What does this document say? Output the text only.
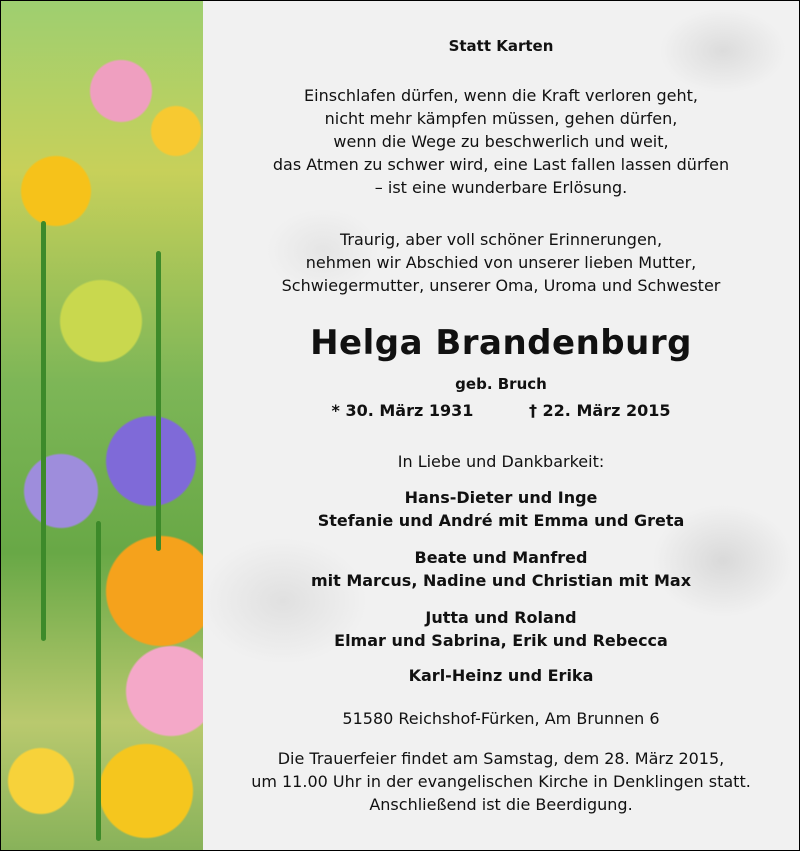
Statt Karten
Einschlafen dürfen, wenn die Kraft verloren geht,
nicht mehr kämpfen müssen, gehen dürfen,
wenn die Wege zu beschwerlich und weit,
das Atmen zu schwer wird, eine Last fallen lassen dürfen
– ist eine wunderbare Erlösung.
Traurig, aber voll schöner Erinnerungen,
nehmen wir Abschied von unserer lieben Mutter,
Schwiegermutter, unserer Oma, Uroma und Schwester
Helga Brandenburg
geb. Bruch
* 30. März 1931	† 22. März 2015
In Liebe und Dankbarkeit:
Hans-Dieter und Inge
Stefanie und André mit Emma und Greta
Beate und Manfred
mit Marcus, Nadine und Christian mit Max
Jutta und Roland
Elmar und Sabrina, Erik und Rebecca
Karl-Heinz und Erika
51580 Reichshof-Fürken, Am Brunnen 6
Die Trauerfeier findet am Samstag, dem 28. März 2015,
um 11.00 Uhr in der evangelischen Kirche in Denklingen statt.
Anschließend ist die Beerdigung.
